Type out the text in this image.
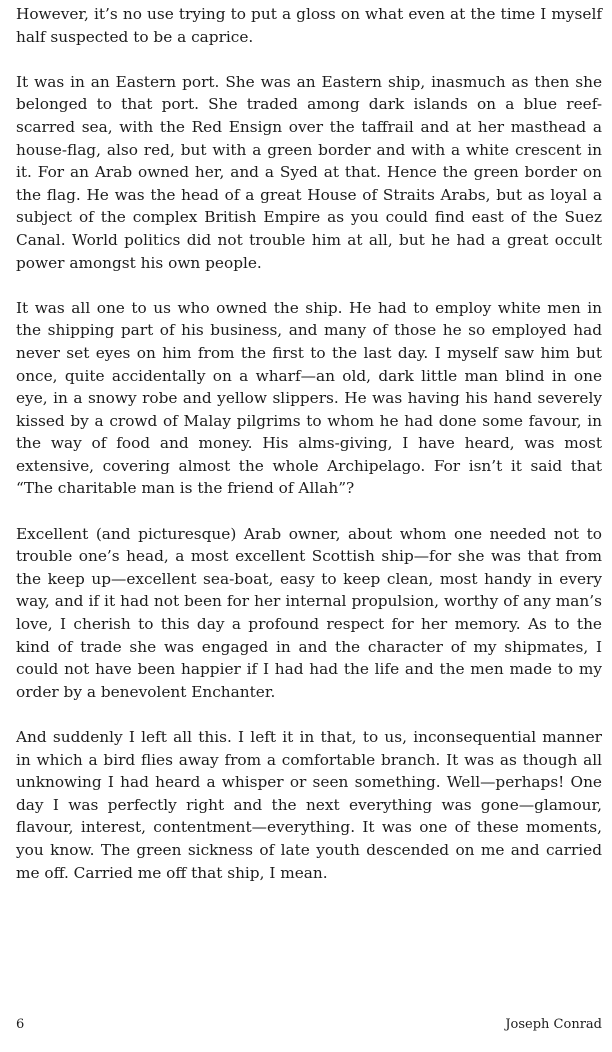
However, it’s no use trying to put a gloss on what even at the time I myself half suspected to be a caprice.

It was in an Eastern port. She was an Eastern ship, inasmuch as then she belonged to that port. She traded among dark islands on a blue reef-scarred sea, with the Red Ensign over the taffrail and at her masthead a house-flag, also red, but with a green border and with a white crescent in it. For an Arab owned her, and a Syed at that. Hence the green border on the flag. He was the head of a great House of Straits Arabs, but as loyal a subject of the complex British Empire as you could find east of the Suez Canal. World politics did not trouble him at all, but he had a great occult power amongst his own people.

It was all one to us who owned the ship. He had to employ white men in the shipping part of his business, and many of those he so employed had never set eyes on him from the first to the last day. I myself saw him but once, quite accidentally on a wharf—an old, dark little man blind in one eye, in a snowy robe and yellow slippers. He was having his hand severely kissed by a crowd of Malay pilgrims to whom he had done some favour, in the way of food and money. His alms-giving, I have heard, was most extensive, covering almost the whole Archipelago. For isn’t it said that “The charitable man is the friend of Allah”?

Excellent (and picturesque) Arab owner, about whom one needed not to trouble one’s head, a most excellent Scottish ship—for she was that from the keep up—excellent sea-boat, easy to keep clean, most handy in every way, and if it had not been for her internal propulsion, worthy of any man’s love, I cherish to this day a profound respect for her memory. As to the kind of trade she was engaged in and the character of my shipmates, I could not have been happier if I had had the life and the men made to my order by a benevolent Enchanter.

And suddenly I left all this. I left it in that, to us, inconsequential manner in which a bird flies away from a comfortable branch. It was as though all unknowing I had heard a whisper or seen something. Well—perhaps! One day I was perfectly right and the next everything was gone—glamour, flavour, interest, contentment—everything. It was one of these moments, you know. The green sickness of late youth descended on me and carried me off. Carried me off that ship, I mean.

6	Joseph Conrad
